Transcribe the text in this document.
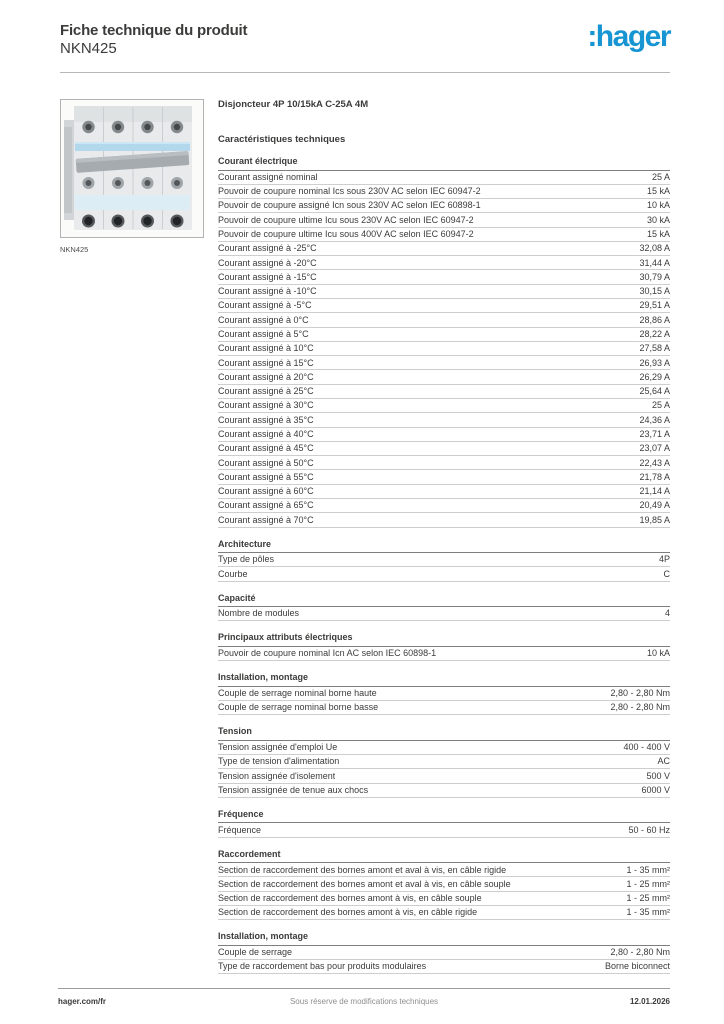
Fiche technique du produit
NKN425	:hager
NKN425
Disjoncteur 4P 10/15kA C-25A 4M
Caractéristiques techniques
Courant électrique
Courant assigné nominal	25 A
Pouvoir de coupure nominal Ics sous 230V AC selon IEC 60947-2	15 kA
Pouvoir de coupure assigné Icn sous 230V AC selon IEC 60898-1	10 kA
Pouvoir de coupure ultime Icu sous 230V AC selon IEC 60947-2	30 kA
Pouvoir de coupure ultime Icu sous 400V AC selon IEC 60947-2	15 kA
Courant assigné à -25°C	32,08 A
Courant assigné à -20°C	31,44 A
Courant assigné à -15°C	30,79 A
Courant assigné à -10°C	30,15 A
Courant assigné à -5°C	29,51 A
Courant assigné à 0°C	28,86 A
Courant assigné à 5°C	28,22 A
Courant assigné à 10°C	27,58 A
Courant assigné à 15°C	26,93 A
Courant assigné à 20°C	26,29 A
Courant assigné à 25°C	25,64 A
Courant assigné à 30°C	25 A
Courant assigné à 35°C	24,36 A
Courant assigné à 40°C	23,71 A
Courant assigné à 45°C	23,07 A
Courant assigné à 50°C	22,43 A
Courant assigné à 55°C	21,78 A
Courant assigné à 60°C	21,14 A
Courant assigné à 65°C	20,49 A
Courant assigné à 70°C	19,85 A
Architecture
Type de pôles	4P
Courbe	C
Capacité
Nombre de modules	4
Principaux attributs électriques
Pouvoir de coupure nominal Icn AC selon IEC 60898-1	10 kA
Installation, montage
Couple de serrage nominal borne haute	2,80 - 2,80 Nm
Couple de serrage nominal borne basse	2,80 - 2,80 Nm
Tension
Tension assignée d'emploi Ue	400 - 400 V
Type de tension d'alimentation	AC
Tension assignée d'isolement	500 V
Tension assignée de tenue aux chocs	6000 V
Fréquence
Fréquence	50 - 60 Hz
Raccordement
Section de raccordement des bornes amont et aval à vis, en câble rigide	1 - 35 mm²
Section de raccordement des bornes amont et aval à vis, en câble souple	1 - 25 mm²
Section de raccordement des bornes amont à vis, en câble souple	1 - 25 mm²
Section de raccordement des bornes amont à vis, en câble rigide	1 - 35 mm²
Installation, montage
Couple de serrage	2,80 - 2,80 Nm
Type de raccordement bas pour produits modulaires	Borne biconnect
Sous réserve de modifications techniques
hager.com/fr	12.01.2026
